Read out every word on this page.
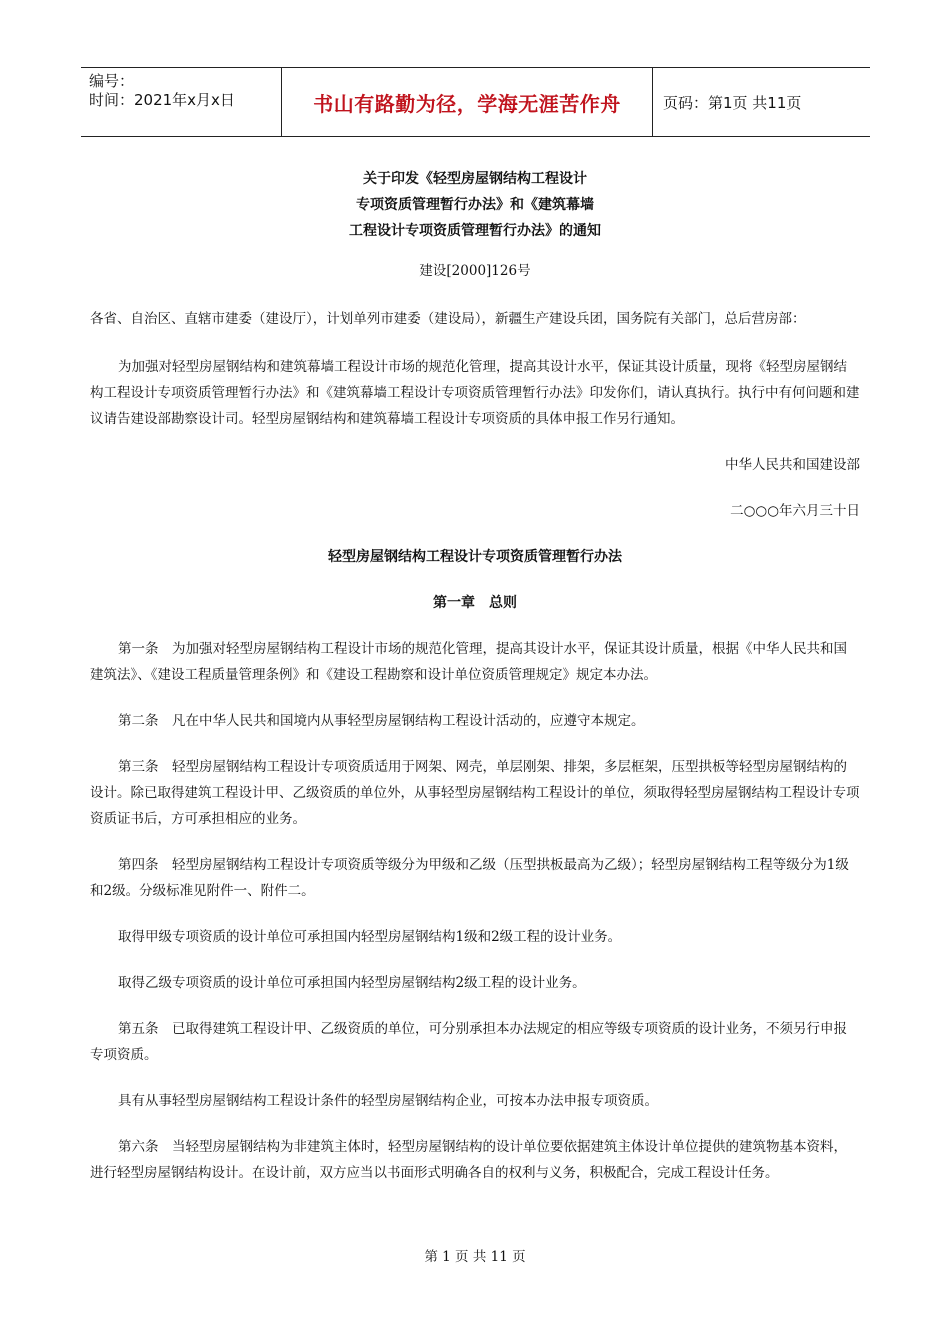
编号：
时间：2021年x月x日	书山有路勤为径，学海无涯苦作舟	页码：第1页 共11页
关于印发《轻型房屋钢结构工程设计
专项资质管理暂行办法》和《建筑幕墙
工程设计专项资质管理暂行办法》的通知
建设[2000]126号

各省、自治区、直辖市建委（建设厅），计划单列市建委（建设局），新疆生产建设兵团，国务院有关部门，总后营房部：

为加强对轻型房屋钢结构和建筑幕墙工程设计市场的规范化管理，提高其设计水平，保证其设计质量，现将《轻型房屋钢结构工程设计专项资质管理暂行办法》和《建筑幕墙工程设计专项资质管理暂行办法》印发你们，请认真执行。执行中有何问题和建议请告建设部勘察设计司。轻型房屋钢结构和建筑幕墙工程设计专项资质的具体申报工作另行通知。

中华人民共和国建设部

二○○○年六月三十日

轻型房屋钢结构工程设计专项资质管理暂行办法

第一章　总则

第一条　为加强对轻型房屋钢结构工程设计市场的规范化管理，提高其设计水平，保证其设计质量，根据《中华人民共和国建筑法》、《建设工程质量管理条例》和《建设工程勘察和设计单位资质管理规定》规定本办法。

第二条　凡在中华人民共和国境内从事轻型房屋钢结构工程设计活动的，应遵守本规定。

第三条　轻型房屋钢结构工程设计专项资质适用于网架、网壳，单层刚架、排架，多层框架，压型拱板等轻型房屋钢结构的设计。除已取得建筑工程设计甲、乙级资质的单位外，从事轻型房屋钢结构工程设计的单位，须取得轻型房屋钢结构工程设计专项资质证书后，方可承担相应的业务。

第四条　轻型房屋钢结构工程设计专项资质等级分为甲级和乙级（压型拱板最高为乙级）；轻型房屋钢结构工程等级分为1级和2级。分级标准见附件一、附件二。

取得甲级专项资质的设计单位可承担国内轻型房屋钢结构1级和2级工程的设计业务。

取得乙级专项资质的设计单位可承担国内轻型房屋钢结构2级工程的设计业务。

第五条　已取得建筑工程设计甲、乙级资质的单位，可分别承担本办法规定的相应等级专项资质的设计业务，不须另行申报专项资质。

具有从事轻型房屋钢结构工程设计条件的轻型房屋钢结构企业，可按本办法申报专项资质。

第六条　当轻型房屋钢结构为非建筑主体时，轻型房屋钢结构的设计单位要依据建筑主体设计单位提供的建筑物基本资料，进行轻型房屋钢结构设计。在设计前，双方应当以书面形式明确各自的权利与义务，积极配合，完成工程设计任务。

第 1 页 共 11 页
